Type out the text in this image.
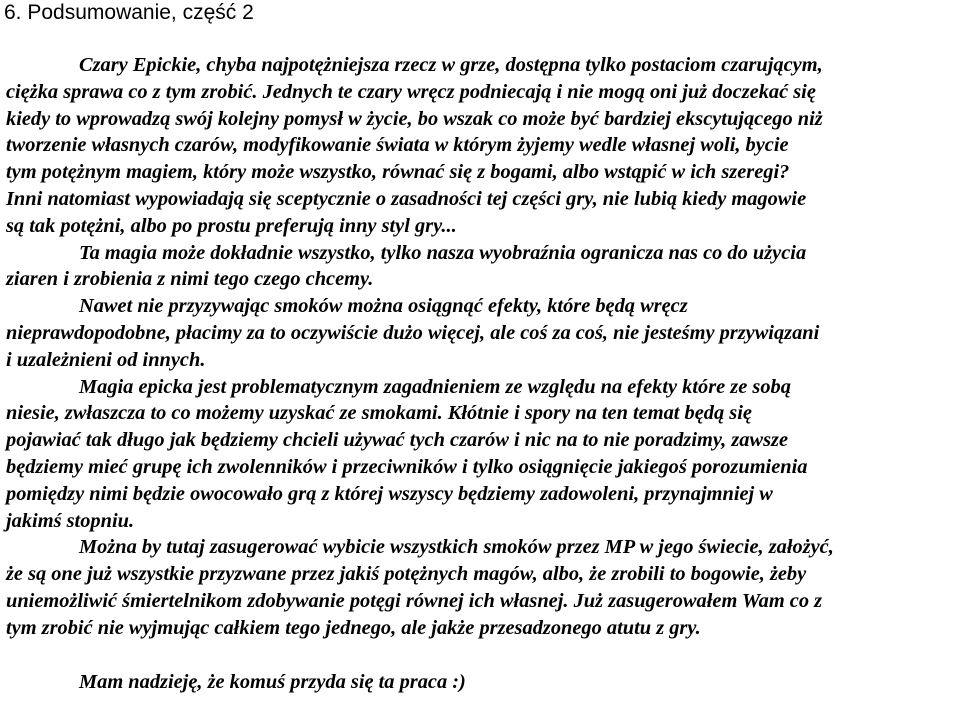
6. Podsumowanie, część 2
Czary Epickie, chyba najpotężniejsza rzecz w grze, dostępna tylko postaciom czarującym,
ciężka sprawa co z tym zrobić. Jednych te czary wręcz podniecają i nie mogą oni już doczekać się
kiedy to wprowadzą swój kolejny pomysł w życie, bo wszak co może być bardziej ekscytującego niż
tworzenie własnych czarów, modyfikowanie świata w którym żyjemy wedle własnej woli, bycie
tym potężnym magiem, który może wszystko, równać się z bogami, albo wstąpić w ich szeregi?
Inni natomiast wypowiadają się sceptycznie o zasadności tej części gry, nie lubią kiedy magowie
są tak potężni, albo po prostu preferują inny styl gry...
Ta magia może dokładnie wszystko, tylko nasza wyobraźnia ogranicza nas co do użycia
ziaren i zrobienia z nimi tego czego chcemy.
Nawet nie przyzywając smoków można osiągnąć efekty, które będą wręcz
nieprawdopodobne, płacimy za to oczywiście dużo więcej, ale coś za coś, nie jesteśmy przywiązani
i uzależnieni od innych.
Magia epicka jest problematycznym zagadnieniem ze względu na efekty które ze sobą
niesie, zwłaszcza to co możemy uzyskać ze smokami. Kłótnie i spory na ten temat będą się
pojawiać tak długo jak będziemy chcieli używać tych czarów i nic na to nie poradzimy, zawsze
będziemy mieć grupę ich zwolenników i przeciwników i tylko osiągnięcie jakiegoś porozumienia
pomiędzy nimi będzie owocowało grą z której wszyscy będziemy zadowoleni, przynajmniej w
jakimś stopniu.
Można by tutaj zasugerować wybicie wszystkich smoków przez MP w jego świecie, założyć,
że są one już wszystkie przyzwane przez jakiś potężnych magów, albo, że zrobili to bogowie, żeby
uniemożliwić śmiertelnikom zdobywanie potęgi równej ich własnej. Już zasugerowałem Wam co z
tym zrobić nie wyjmując całkiem tego jednego, ale jakże przesadzonego atutu z gry.
Mam nadzieję, że komuś przyda się ta praca :)
